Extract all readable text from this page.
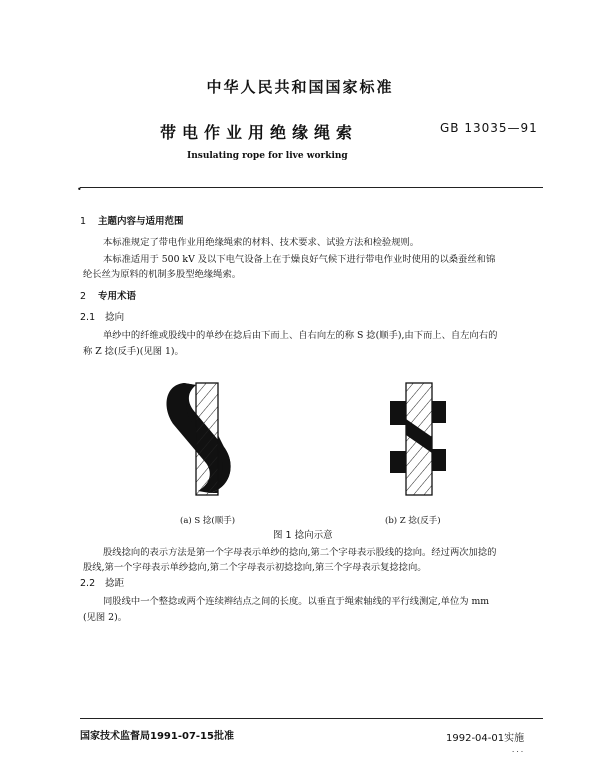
中华人民共和国国家标准
带电作业用绝缘绳索	GB 13035—91
Insulating rope for live working
•
1 主题内容与适用范围
本标准规定了带电作业用绝缘绳索的材料、技术要求、试验方法和检验规则。
本标准适用于 500 kV 及以下电气设备上在于燥良好气候下进行带电作业时使用的以桑蚕丝和锦
纶长丝为原料的机制多股型绝缘绳索。
2 专用术语
2.1 捻向
单纱中的纤维或股线中的单纱在捻后由下而上、自右向左的称 S 捻(顺手),由下而上、自左向右的
称 Z 捻(反手)(见图 1)。
(a) S 捻(顺手)	(b) Z 捻(反手)
图 1 捻向示意
股线捻向的表示方法是第一个字母表示单纱的捻向,第二个字母表示股线的捻向。经过两次加捻的
股线,第一个字母表示单纱捻向,第二个字母表示初捻捻向,第三个字母表示复捻捻向。
2.2 捻距
同股线中一个整捻或两个连续辫结点之间的长度。以垂直于绳索轴线的平行线测定,单位为 mm
(见图 2)。
国家技术监督局1991-07-15批准	1992-04-01实施
· · ·
